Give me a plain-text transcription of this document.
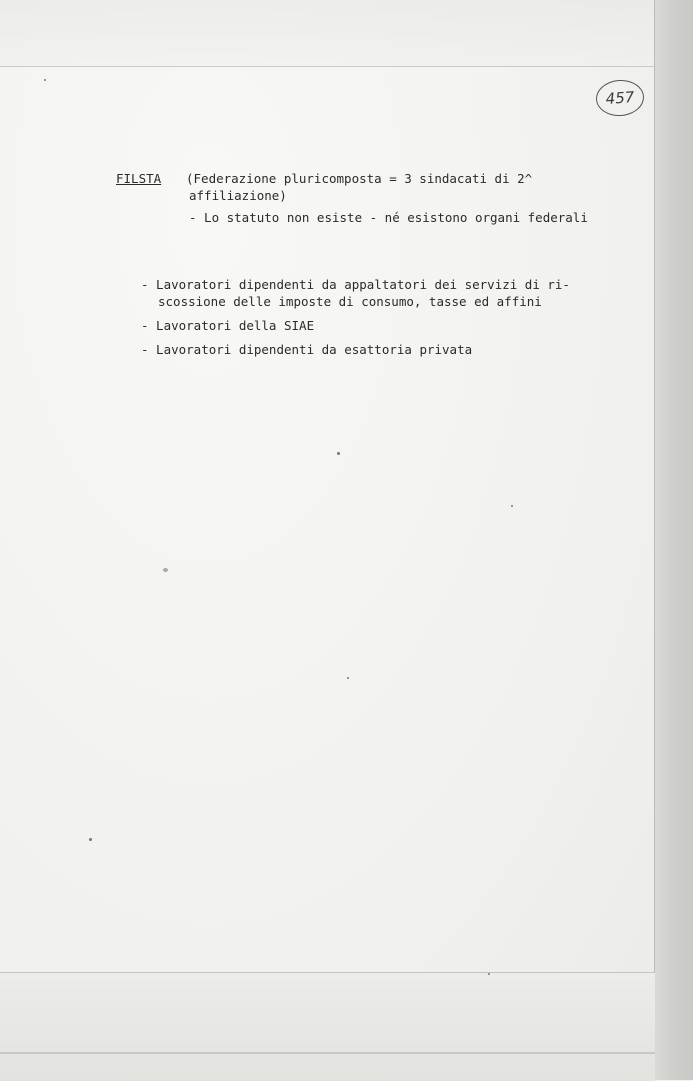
457
FILSTA (Federazione pluricomposta = 3 sindacati di 2^
affiliazione)
- Lo statuto non esiste - né esistono organi federali
- Lavoratori dipendenti da appaltatori dei servizi di ri-
scossione delle imposte di consumo, tasse ed affini
- Lavoratori della SIAE
- Lavoratori dipendenti da esattoria privata
